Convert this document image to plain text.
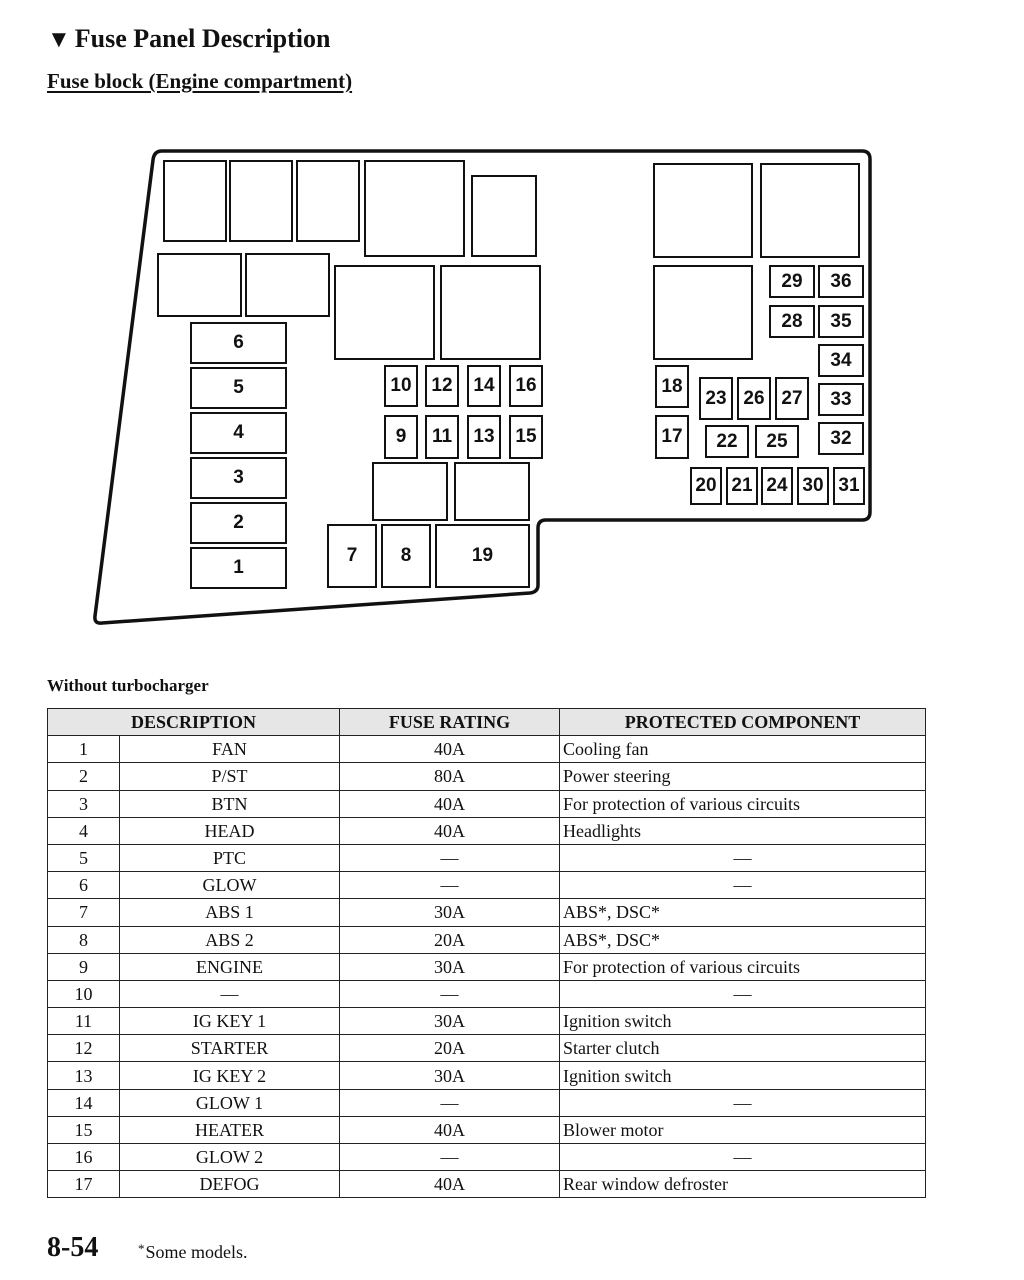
▼ Fuse Panel Description
Fuse block (Engine compartment)
6
5
4
3
2
1
10 12 14 16
9 11 13 15
7 8	19
29 36
28 35
34
18
17
23 26 27 33
22 25 32
20 21 24 30 31
Without turbocharger
DESCRIPTION		FUSE RATING	PROTECTED COMPONENT
1	FAN	40A	Cooling fan
2	P/ST	80A	Power steering
3	BTN	40A	For protection of various circuits
4	HEAD	40A	Headlights
5	PTC	—	—
6	GLOW	—	—
7	ABS 1	30A	ABS*, DSC*
8	ABS 2	20A	ABS*, DSC*
9	ENGINE	30A	For protection of various circuits
10	—	—	—
11	IG KEY 1	30A	Ignition switch
12	STARTER	20A	Starter clutch
13	IG KEY 2	30A	Ignition switch
14	GLOW 1	—	—
15	HEATER	40A	Blower motor
16	GLOW 2	—	—
17	DEFOG	40A	Rear window defroster
8-54	*Some models.
